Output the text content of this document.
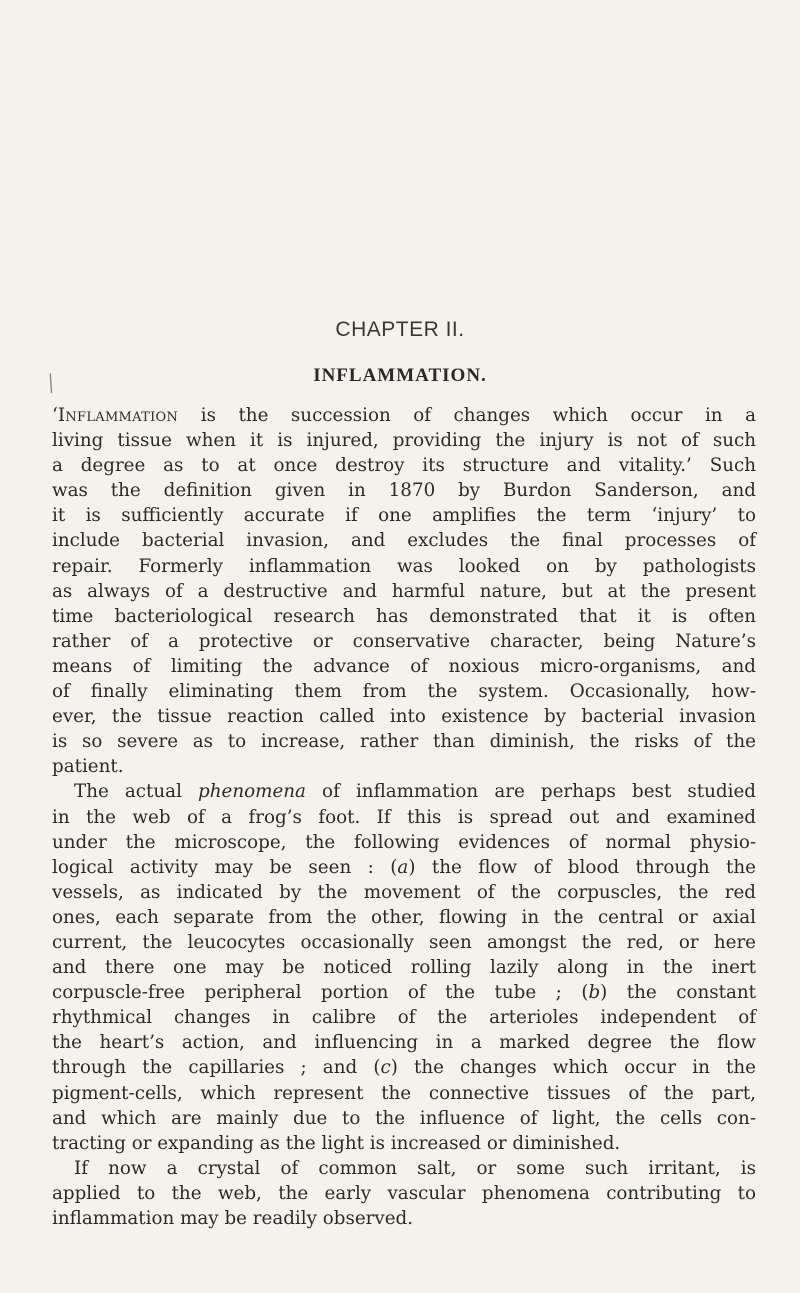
⁄
CHAPTER II.
INFLAMMATION.
‘Inflammation is the succession of changes which occur in a
living tissue when it is injured, providing the injury is not of such
a degree as to at once destroy its structure and vitality.’ Such
was the definition given in 1870 by Burdon Sanderson, and
it is sufficiently accurate if one amplifies the term ‘injury’ to
include bacterial invasion, and excludes the final processes of
repair. Formerly inflammation was looked on by pathologists
as always of a destructive and harmful nature, but at the present
time bacteriological research has demonstrated that it is often
rather of a protective or conservative character, being Nature’s
means of limiting the advance of noxious micro-organisms, and
of finally eliminating them from the system. Occasionally, how-
ever, the tissue reaction called into existence by bacterial invasion
is so severe as to increase, rather than diminish, the risks of the
patient.
The actual phenomena of inflammation are perhaps best studied
in the web of a frog’s foot. If this is spread out and examined
under the microscope, the following evidences of normal physio-
logical activity may be seen : (a) the flow of blood through the
vessels, as indicated by the movement of the corpuscles, the red
ones, each separate from the other, flowing in the central or axial
current, the leucocytes occasionally seen amongst the red, or here
and there one may be noticed rolling lazily along in the inert
corpuscle-free peripheral portion of the tube ; (b) the constant
rhythmical changes in calibre of the arterioles independent of
the heart’s action, and influencing in a marked degree the flow
through the capillaries ; and (c) the changes which occur in the
pigment-cells, which represent the connective tissues of the part,
and which are mainly due to the influence of light, the cells con-
tracting or expanding as the light is increased or diminished.
If now a crystal of common salt, or some such irritant, is
applied to the web, the early vascular phenomena contributing to
inflammation may be readily observed.
